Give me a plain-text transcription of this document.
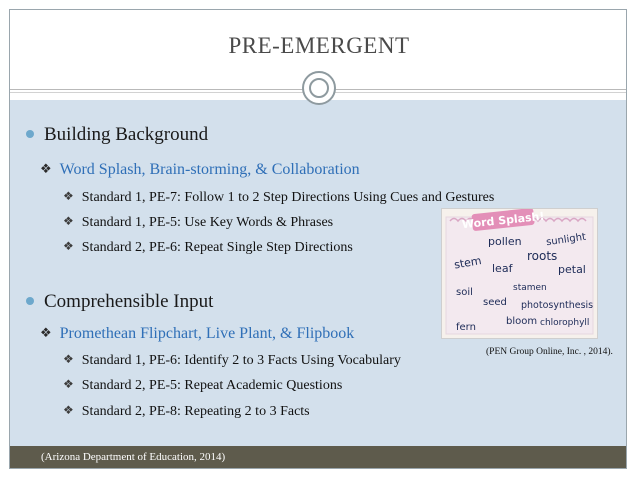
PRE-EMERGENT
Building Background
❖ Word Splash, Brain-storming, & Collaboration
❖ Standard 1, PE-7: Follow 1 to 2 Step Directions Using Cues and Gestures
❖ Standard 1, PE-5: Use Key Words & Phrases
❖ Standard 2, PE-6: Repeat Single Step Directions
Comprehensible Input
❖ Promethean Flipchart, Live Plant, & Flipbook
❖ Standard 1, PE-6: Identify 2 to 3 Facts Using Vocabulary
❖ Standard 2, PE-5: Repeat Academic Questions
❖ Standard 2, PE-8: Repeating 2 to 3 Facts
Word Splash!
pollen sunlight
stem	roots
leaf	petal
soil	stamen
seed photosynthesis
fern
bloom chlorophyll
(PEN Group Online, Inc. , 2014).
(Arizona Department of Education, 2014)
